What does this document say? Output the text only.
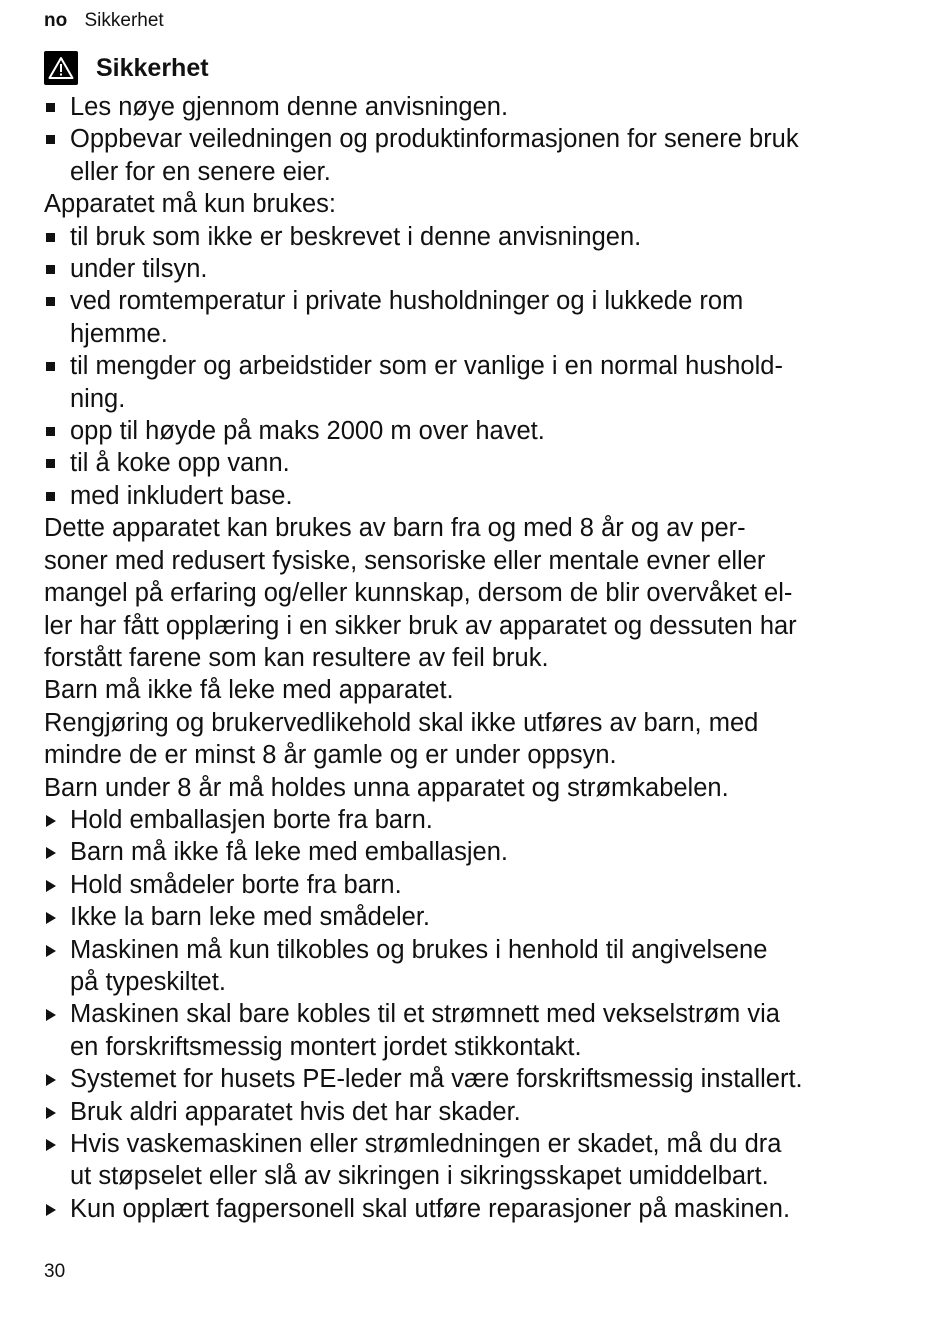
no Sikkerhet
Sikkerhet
Les nøye gjennom denne anvisningen.
Oppbevar veiledningen og produktinformasjonen for senere bruk
eller for en senere eier.
Apparatet må kun brukes:
til bruk som ikke er beskrevet i denne anvisningen.
under tilsyn.
ved romtemperatur i private husholdninger og i lukkede rom
hjemme.
til mengder og arbeidstider som er vanlige i en normal hushold-
ning.
opp til høyde på maks 2000 m over havet.
til å koke opp vann.
med inkludert base.
Dette apparatet kan brukes av barn fra og med 8 år og av per-
soner med redusert fysiske, sensoriske eller mentale evner eller
mangel på erfaring og/eller kunnskap, dersom de blir overvåket el-
ler har fått opplæring i en sikker bruk av apparatet og dessuten har
forstått farene som kan resultere av feil bruk.
Barn må ikke få leke med apparatet.
Rengjøring og brukervedlikehold skal ikke utføres av barn, med
mindre de er minst 8 år gamle og er under oppsyn.
Barn under 8 år må holdes unna apparatet og strømkabelen.
Hold emballasjen borte fra barn.
Barn må ikke få leke med emballasjen.
Hold smådeler borte fra barn.
Ikke la barn leke med smådeler.
Maskinen må kun tilkobles og brukes i henhold til angivelsene
på typeskiltet.
Maskinen skal bare kobles til et strømnett med vekselstrøm via
en forskriftsmessig montert jordet stikkontakt.
Systemet for husets PE-leder må være forskriftsmessig installert.
Bruk aldri apparatet hvis det har skader.
Hvis vaskemaskinen eller strømledningen er skadet, må du dra
ut støpselet eller slå av sikringen i sikringsskapet umiddelbart.
Kun opplært fagpersonell skal utføre reparasjoner på maskinen.
30
